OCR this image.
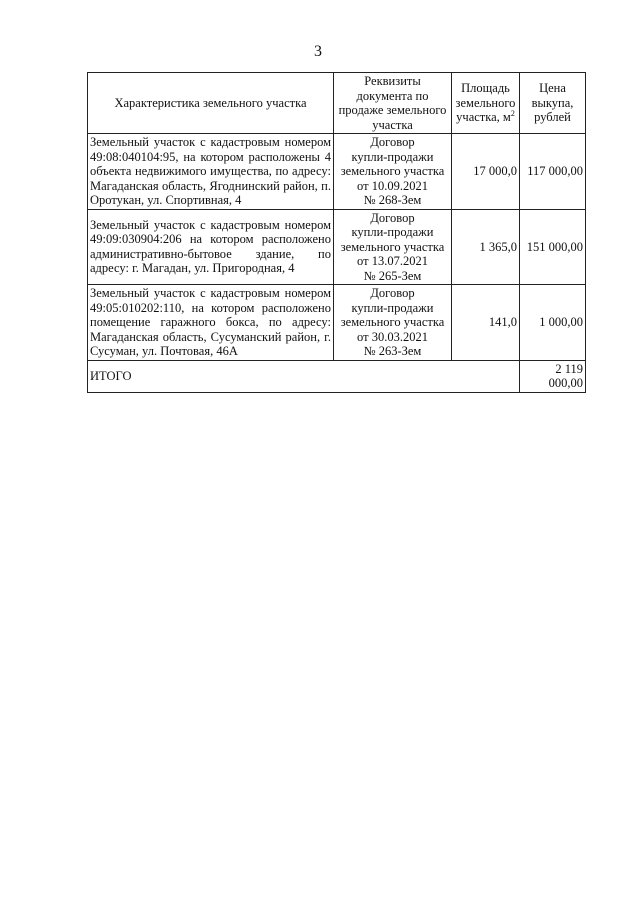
3
Характеристика земельного участка	Реквизиты документа по продаже земельного участка	Площадь земельного участка, $м^2$	Цена выкупа, рублей
Земельный участок с кадастровым номером 49:08:040104:95, на котором расположены 4 объекта недвижимого имущества, по адресу: Магаданская область, Ягоднинский район, п. Оротукан, ул. Спортивная, 4	Договор
купли-продажи
земельного участка
от 10.09.2021
№ 268-Зем	17 000,0	117 000,00
Земельный участок с кадастровым номером 49:09:030904:206 на котором расположено административно-бытовое здание, по адресу: г. Магадан, ул. Пригородная, 4	Договор
купли-продажи
земельного участка
от 13.07.2021
№ 265-Зем	1 365,0	151 000,00
Земельный участок с кадастровым номером 49:05:010202:110, на котором расположено помещение гаражного бокса, по адресу: Магаданская область, Сусуманский район, г. Сусуман, ул. Почтовая, 46А	Договор
купли-продажи
земельного участка
от 30.03.2021
№ 263-Зем	141,0	1 000,00
ИТОГО			2 119 000,00
